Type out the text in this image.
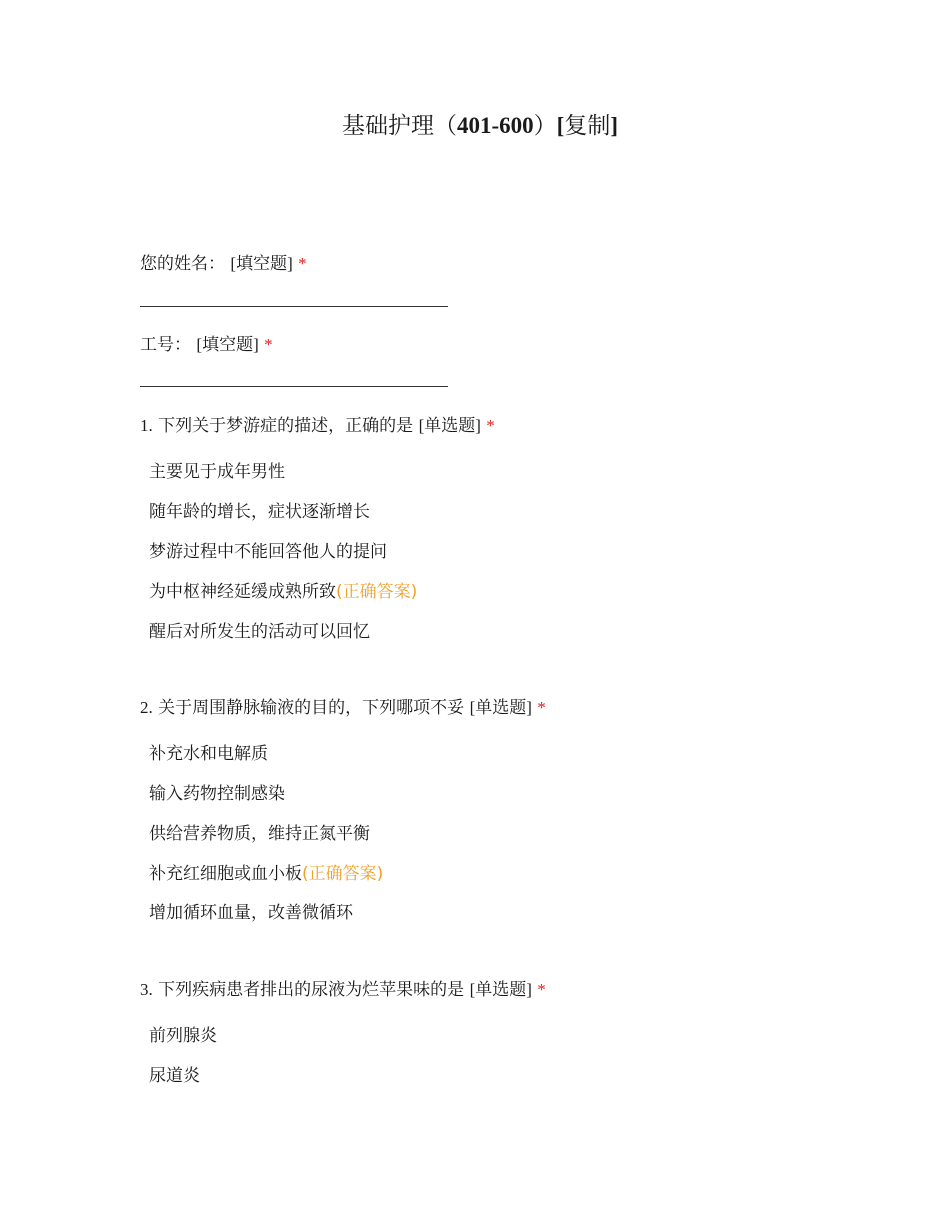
基础护理（401-600）[复制]
您的姓名： [填空题] *
工号： [填空题] *
1. 下列关于梦游症的描述，正确的是 [单选题] *
主要见于成年男性
随年龄的增长，症状逐渐增长
梦游过程中不能回答他人的提问
为中枢神经延缓成熟所致(正确答案)
醒后对所发生的活动可以回忆
2. 关于周围静脉输液的目的，下列哪项不妥 [单选题] *
补充水和电解质
输入药物控制感染
供给营养物质，维持正氮平衡
补充红细胞或血小板(正确答案)
增加循环血量，改善微循环
3. 下列疾病患者排出的尿液为烂苹果味的是 [单选题] *
前列腺炎
尿道炎
